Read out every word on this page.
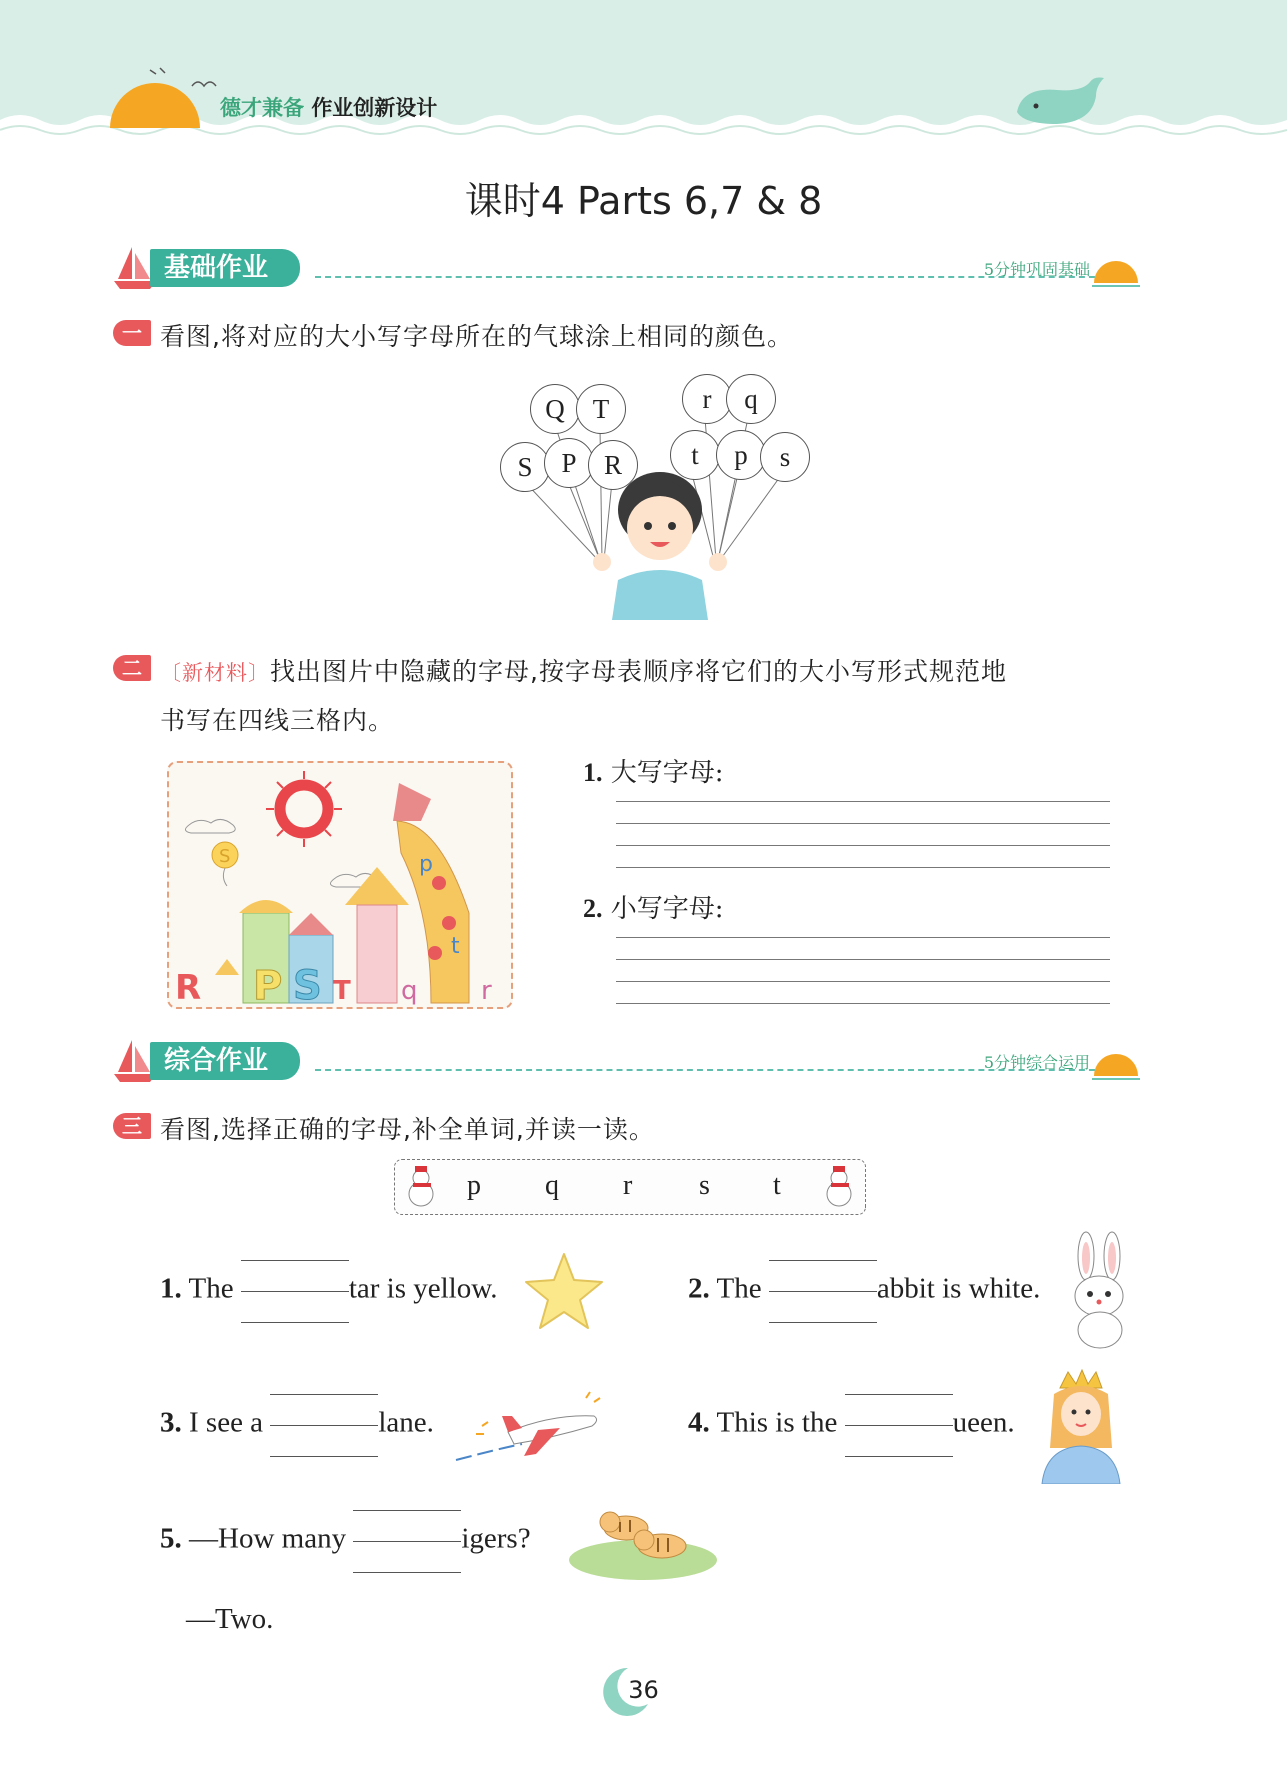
德才兼备 作业创新设计
课时4 Parts 6,7 & 8
基础作业	5分钟巩固基础
一 看图,将对应的大小写字母所在的气球涂上相同的颜色。
Q	T
S	P	R
r	q
t	p	s
二 〔新材料〕找出图片中隐藏的字母,按字母表顺序将它们的大小写形式规范地
书写在四线三格内。
S	p
t
R P S T q r
1. 大写字母:
2. 小写字母:
综合作业	5分钟综合运用
三 看图,选择正确的字母,补全单词,并读一读。
p q r s t
1. The	tar is yellow.	2. The	abbit is white.
3. I see a	lane.	4. This is the	ueen.
5. —How many	igers?
—Two.
36
